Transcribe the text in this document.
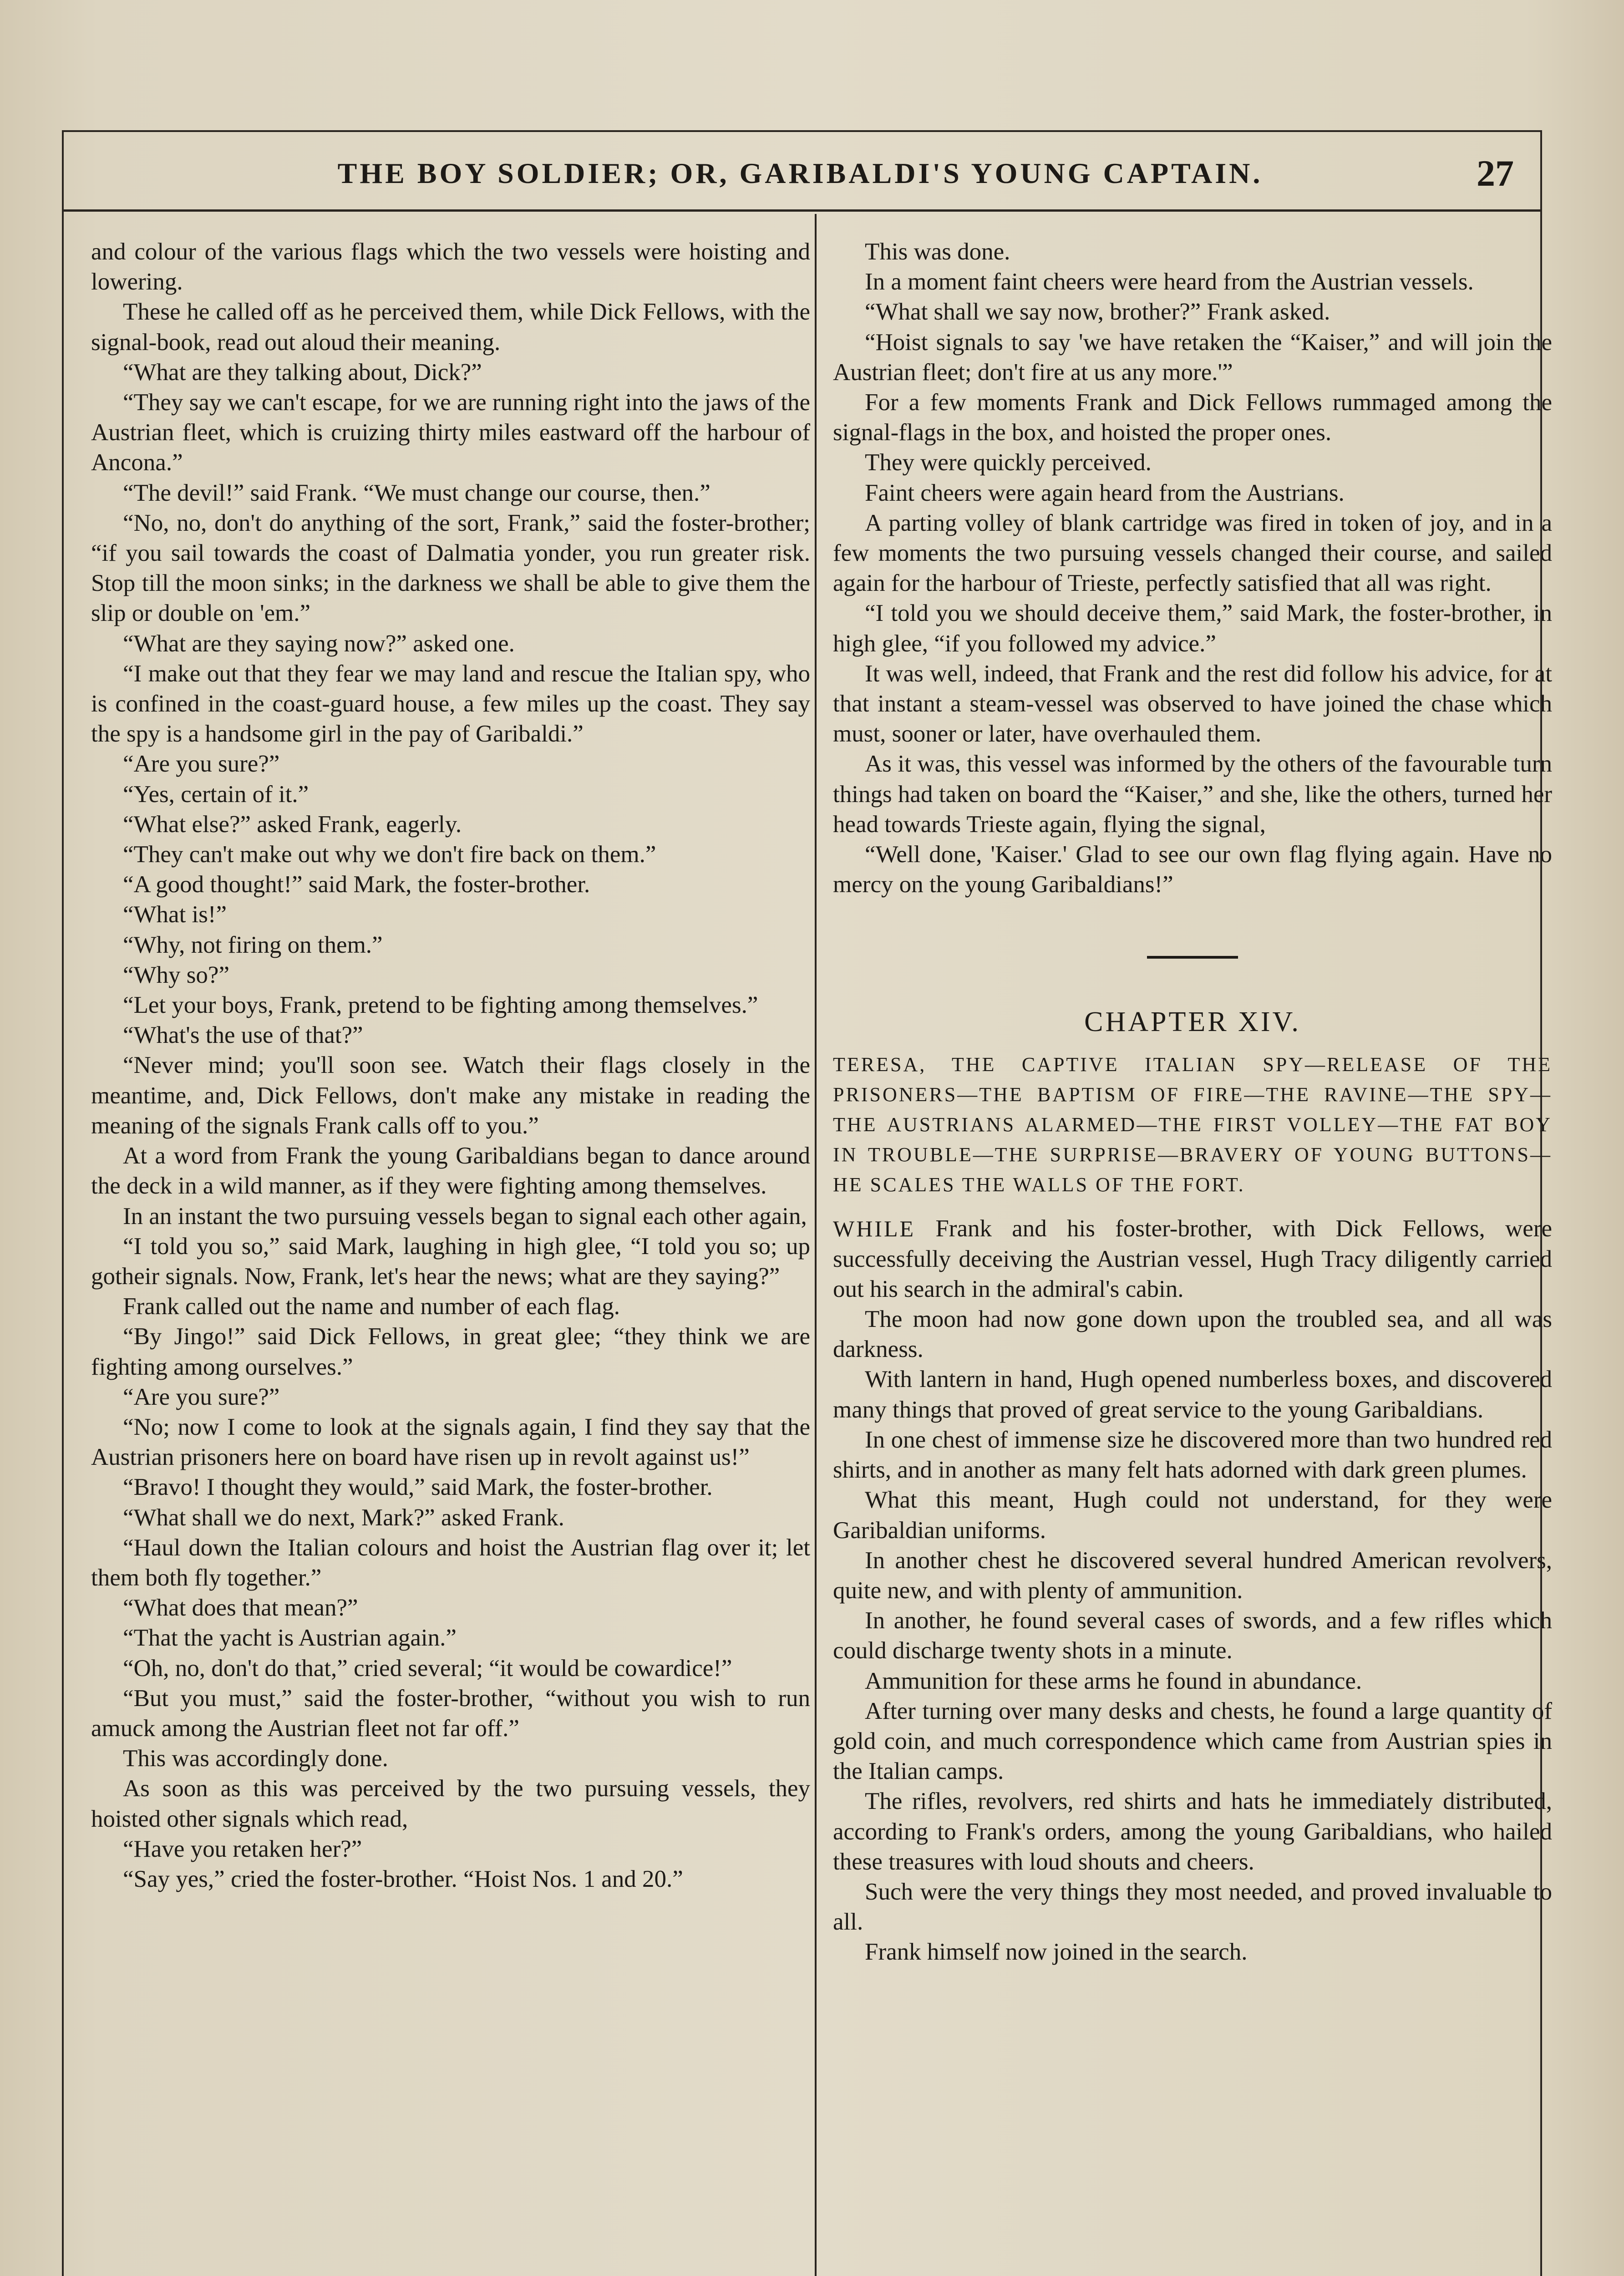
THE BOY SOLDIER; OR, GARIBALDI'S YOUNG CAPTAIN.	27

and colour of the various flags which the two vessels were hoisting and lowering.

These he called off as he perceived them, while Dick Fellows, with the signal-book, read out aloud their meaning.

“What are they talking about, Dick?”

“They say we can't escape, for we are running right into the jaws of the Austrian fleet, which is cruizing thirty miles eastward off the harbour of Ancona.”

“The devil!” said Frank. “We must change our course, then.”

“No, no, don't do anything of the sort, Frank,” said the foster-brother; “if you sail towards the coast of Dalmatia yonder, you run greater risk. Stop till the moon sinks; in the darkness we shall be able to give them the slip or double on 'em.”

“What are they saying now?” asked one.

“I make out that they fear we may land and rescue the Italian spy, who is confined in the coast-guard house, a few miles up the coast. They say the spy is a handsome girl in the pay of Garibaldi.”

“Are you sure?”

“Yes, certain of it.”

“What else?” asked Frank, eagerly.

“They can't make out why we don't fire back on them.”

“A good thought!” said Mark, the foster-brother.

“What is!”

“Why, not firing on them.”

“Why so?”

“Let your boys, Frank, pretend to be fighting among themselves.”

“What's the use of that?”

“Never mind; you'll soon see. Watch their flags closely in the meantime, and, Dick Fellows, don't make any mistake in reading the meaning of the signals Frank calls off to you.”

At a word from Frank the young Garibaldians began to dance around the deck in a wild manner, as if they were fighting among themselves.

In an instant the two pursuing vessels began to signal each other again,

“I told you so,” said Mark, laughing in high glee, “I told you so; up gotheir signals. Now, Frank, let's hear the news; what are they saying?”

Frank called out the name and number of each flag.

“By Jingo!” said Dick Fellows, in great glee; “they think we are fighting among ourselves.”

“Are you sure?”

“No; now I come to look at the signals again, I find they say that the Austrian prisoners here on board have risen up in revolt against us!”

“Bravo! I thought they would,” said Mark, the foster-brother.

“What shall we do next, Mark?” asked Frank.

“Haul down the Italian colours and hoist the Austrian flag over it; let them both fly together.”

“What does that mean?”

“That the yacht is Austrian again.”

“Oh, no, don't do that,” cried several; “it would be cowardice!”

“But you must,” said the foster-brother, “without you wish to run amuck among the Austrian fleet not far off.”

This was accordingly done.

As soon as this was perceived by the two pursuing vessels, they hoisted other signals which read,

“Have you retaken her?”

“Say yes,” cried the foster-brother. “Hoist Nos. 1 and 20.”

This was done.

In a moment faint cheers were heard from the Austrian vessels.

“What shall we say now, brother?” Frank asked.

“Hoist signals to say 'we have retaken the “Kaiser,” and will join the Austrian fleet; don't fire at us any more.'”

For a few moments Frank and Dick Fellows rummaged among the signal-flags in the box, and hoisted the proper ones.

They were quickly perceived.

Faint cheers were again heard from the Austrians.

A parting volley of blank cartridge was fired in token of joy, and in a few moments the two pursuing vessels changed their course, and sailed again for the harbour of Trieste, perfectly satisfied that all was right.

“I told you we should deceive them,” said Mark, the foster-brother, in high glee, “if you followed my advice.”

It was well, indeed, that Frank and the rest did follow his advice, for at that instant a steam-vessel was observed to have joined the chase which must, sooner or later, have overhauled them.

As it was, this vessel was informed by the others of the favourable turn things had taken on board the “Kaiser,” and she, like the others, turned her head towards Trieste again, flying the signal,

“Well done, 'Kaiser.' Glad to see our own flag flying again. Have no mercy on the young Garibaldians!”

CHAPTER XIV.
TERESA, THE CAPTIVE ITALIAN SPY—RELEASE OF THE PRISONERS—THE BAPTISM OF FIRE—THE RAVINE—THE SPY—THE AUSTRIANS ALARMED—THE FIRST VOLLEY—THE FAT BOY IN TROUBLE—THE SURPRISE—BRAVERY OF YOUNG BUTTONS—HE SCALES THE WALLS OF THE FORT.

WHILE Frank and his foster-brother, with Dick Fellows, were successfully deceiving the Austrian vessel, Hugh Tracy diligently carried out his search in the admiral's cabin.

The moon had now gone down upon the troubled sea, and all was darkness.

With lantern in hand, Hugh opened numberless boxes, and discovered many things that proved of great service to the young Garibaldians.

In one chest of immense size he discovered more than two hundred red shirts, and in another as many felt hats adorned with dark green plumes.

What this meant, Hugh could not understand, for they were Garibaldian uniforms.

In another chest he discovered several hundred American revolvers, quite new, and with plenty of ammunition.

In another, he found several cases of swords, and a few rifles which could discharge twenty shots in a minute.

Ammunition for these arms he found in abundance.

After turning over many desks and chests, he found a large quantity of gold coin, and much correspondence which came from Austrian spies in the Italian camps.

The rifles, revolvers, red shirts and hats he immediately distributed, according to Frank's orders, among the young Garibaldians, who hailed these treasures with loud shouts and cheers.

Such were the very things they most needed, and proved invaluable to all.

Frank himself now joined in the search.
